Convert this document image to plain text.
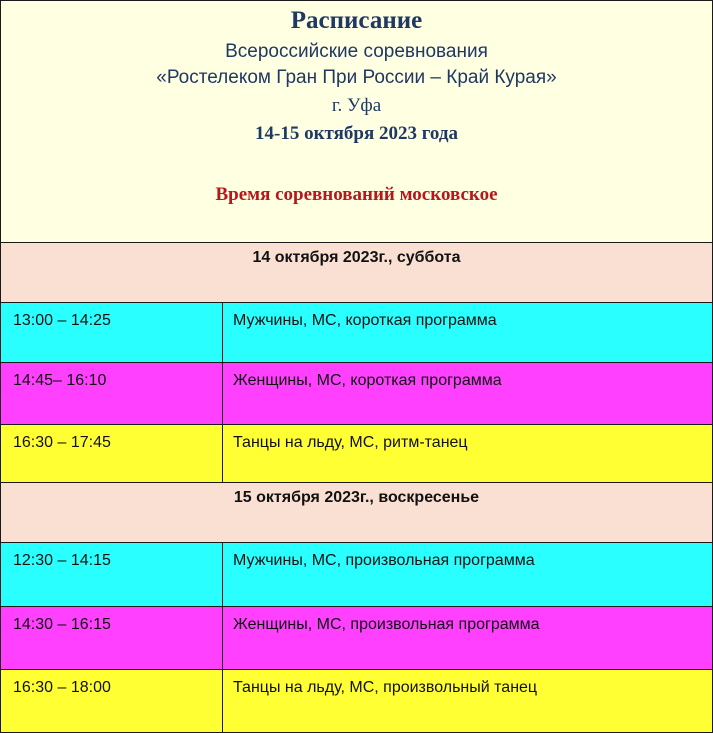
Расписание
Всероссийские соревнования
«Ростелеком Гран При России – Край Курая»
г. Уфа
14-15 октября 2023 года
Время соревнований московское
14 октября 2023г., суббота
13:00 – 14:25	Мужчины, МС, короткая программа
14:45– 16:10	Женщины, МС, короткая программа
16:30 – 17:45	Танцы на льду, МС, ритм-танец
15 октября 2023г., воскресенье
12:30 – 14:15	Мужчины, МС, произвольная программа
14:30 – 16:15	Женщины, МС, произвольная программа
16:30 – 18:00	Танцы на льду, МС, произвольный танец
